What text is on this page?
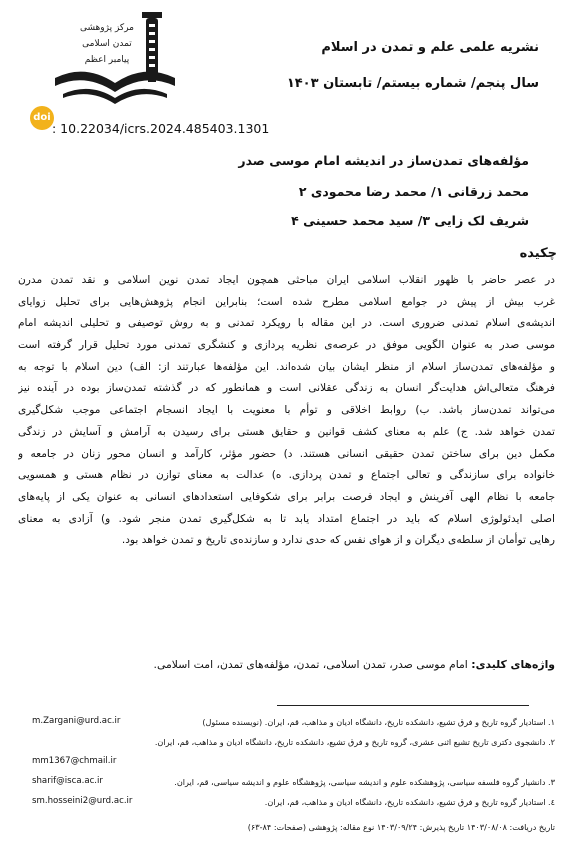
مرکز پژوهشی
تمدن اسلامی
پیامبر اعظم
نشریه علمی علم و تمدن در اسلام
سال پنجم/ شماره بیستم/ تابستان ۱۴۰۳
doi
: 10.22034/icrs.2024.485403.1301
مؤلفه‌های تمدن‌ساز در اندیشه امام موسی صدر
محمد زرقانی ۱/ محمد رضا محمودی ۲
شریف لک زایی ۳/ سید محمد حسینی ۴
چکیده
در عصر حاضر با ظهور انقلاب اسلامی ایران مباحثی همچون ایجاد تمدن نوین اسلامی و نقد تمدن مدرن
غرب بیش از پیش در جوامع اسلامی مطرح شده است؛ بنابراین انجام پژوهش‌هایی برای تحلیل زوایای
اندیشه‌ی اسلام تمدنی ضروری است. در این مقاله با رویکرد تمدنی و به روش توصیفی و تحلیلی اندیشه امام
موسی صدر به عنوان الگویی موفق در عرصه‌ی نظریه پردازی و کنشگری تمدنی مورد تحلیل قرار گرفته است
و مؤلفه‌های تمدن‌ساز اسلام از منظر ایشان بیان شده‌اند. این مؤلفه‌ها عبارتند از: الف) دین اسلام با توجه به
فرهنگ متعالی‌اش هدایت‌گر انسان به زندگی عقلانی است و همانطور که در گذشته تمدن‌ساز بوده در آینده نیز
می‌تواند تمدن‌ساز باشد. ب) روابط اخلاقی و توأم با معنویت با ایجاد انسجام اجتماعی موجب شکل‌گیری
تمدن خواهد شد. ج) علم به معنای کشف قوانین و حقایق هستی برای رسیدن به آرامش و آسایش در زندگی
مکمل دین برای ساختن تمدن حقیقی انسانی هستند. د) حضور مؤثر، کارآمد و انسان محور زنان در جامعه و
خانواده برای سازندگی و تعالی اجتماع و تمدن پردازی. ه) عدالت به معنای توازن در نظام هستی و همسویی
جامعه با نظام الهی آفرینش و ایجاد فرصت برابر برای شکوفایی استعدادهای انسانی به عنوان یکی از پایه‌های
اصلی ایدئولوژی اسلام که باید در اجتماع امتداد یابد تا به شکل‌گیری تمدن منجر شود. و) آزادی به معنای
رهایی توأمان از سلطه‌ی دیگران و از هوای نفس که حدی ندارد و سازنده‌ی تاریخ و تمدن خواهد بود.
واژه‌های کلیدی: امام موسی صدر، تمدن اسلامی، تمدن، مؤلفه‌های تمدن، امت اسلامی.
۱. استادیار گروه تاریخ و فرق تشیع، دانشکده تاریخ، دانشگاه ادیان و مذاهب، قم، ایران. (نویسنده مسئول)
m.Zargani@urd.ac.ir
۲. دانشجوی دکتری تاریخ تشیع اثنی عشری، گروه تاریخ و فرق تشیع، دانشکده تاریخ، دانشگاه ادیان و مذاهب، قم، ایران.
mm1367@chmail.ir
۳. دانشیار گروه فلسفه سیاسی، پژوهشکده علوم و اندیشه سیاسی، پژوهشگاه علوم و اندیشه سیاسی، قم، ایران.
sharif@isca.ac.ir
٤. استادیار گروه تاریخ و فرق تشیع، دانشکده تاریخ، دانشگاه ادیان و مذاهب، قم، ایران.
sm.hosseini2@urd.ac.ir
تاریخ دریافت: ۱۴۰۳/۰۸/۰۸ تاریخ پذیرش: ۱۴۰۳/۰۹/۲۴ نوع مقاله: پژوهشی (صفحات: ۸۴-۶۳)
